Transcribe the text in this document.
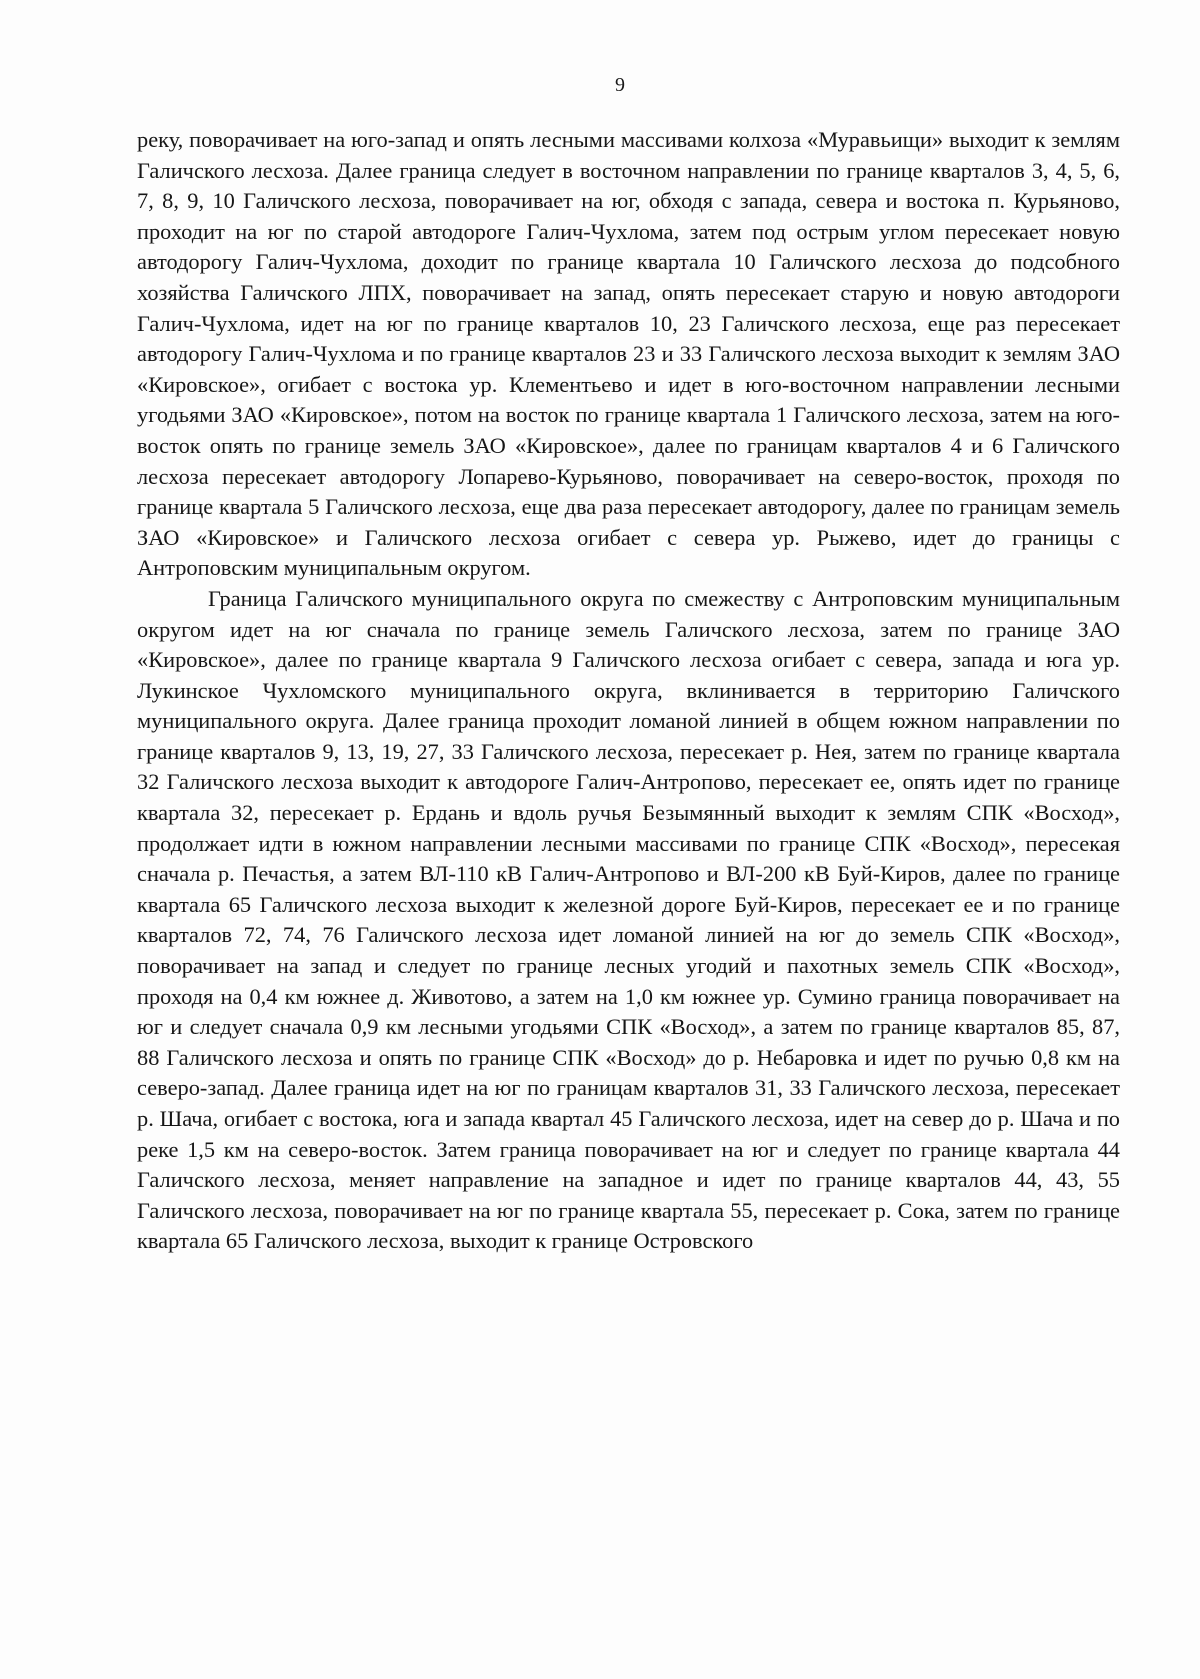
9

реку, поворачивает на юго-запад и опять лесными массивами колхоза «Муравьищи» выходит к землям Галичского лесхоза. Далее граница следует в восточном направлении по границе кварталов 3, 4, 5, 6, 7, 8, 9, 10 Галичского лесхоза, поворачивает на юг, обходя с запада, севера и востока п. Курьяново, проходит на юг по старой автодороге Галич-Чухлома, затем под острым углом пересекает новую автодорогу Галич-Чухлома, доходит по границе квартала 10 Галичского лесхоза до подсобного хозяйства Галичского ЛПХ, поворачивает на запад, опять пересекает старую и новую автодороги Галич-Чухлома, идет на юг по границе кварталов 10, 23 Галичского лесхоза, еще раз пересекает автодорогу Галич-Чухлома и по границе кварталов 23 и 33 Галичского лесхоза выходит к землям ЗАО «Кировское», огибает с востока ур. Клементьево и идет в юго-восточном направлении лесными угодьями ЗАО «Кировское», потом на восток по границе квартала 1 Галичского лесхоза, затем на юго-восток опять по границе земель ЗАО «Кировское», далее по границам кварталов 4 и 6 Галичского лесхоза пересекает автодорогу Лопарево-Курьяново, поворачивает на северо-восток, проходя по границе квартала 5 Галичского лесхоза, еще два раза пересекает автодорогу, далее по границам земель ЗАО «Кировское» и Галичского лесхоза огибает с севера ур. Рыжево, идет до границы с Антроповским муниципальным округом.

Граница Галичского муниципального округа по смежеству с Антроповским муниципальным округом идет на юг сначала по границе земель Галичского лесхоза, затем по границе ЗАО «Кировское», далее по границе квартала 9 Галичского лесхоза огибает с севера, запада и юга ур. Лукинское Чухломского муниципального округа, вклинивается в территорию Галичского муниципального округа. Далее граница проходит ломаной линией в общем южном направлении по границе кварталов 9, 13, 19, 27, 33 Галичского лесхоза, пересекает р. Нея, затем по границе квартала 32 Галичского лесхоза выходит к автодороге Галич-Антропово, пересекает ее, опять идет по границе квартала 32, пересекает р. Ердань и вдоль ручья Безымянный выходит к землям СПК «Восход», продолжает идти в южном направлении лесными массивами по границе СПК «Восход», пересекая сначала р. Печастья, а затем ВЛ-110 кВ Галич-Антропово и ВЛ-200 кВ Буй-Киров, далее по границе квартала 65 Галичского лесхоза выходит к железной дороге Буй-Киров, пересекает ее и по границе кварталов 72, 74, 76 Галичского лесхоза идет ломаной линией на юг до земель СПК «Восход», поворачивает на запад и следует по границе лесных угодий и пахотных земель СПК «Восход», проходя на 0,4 км южнее д. Животово, а затем на 1,0 км южнее ур. Сумино граница поворачивает на юг и следует сначала 0,9 км лесными угодьями СПК «Восход», а затем по границе кварталов 85, 87, 88 Галичского лесхоза и опять по границе СПК «Восход» до р. Небаровка и идет по ручью 0,8 км на северо-запад. Далее граница идет на юг по границам кварталов 31, 33 Галичского лесхоза, пересекает р. Шача, огибает с востока, юга и запада квартал 45 Галичского лесхоза, идет на север до р. Шача и по реке 1,5 км на северо-восток. Затем граница поворачивает на юг и следует по границе квартала 44 Галичского лесхоза, меняет направление на западное и идет по границе кварталов 44, 43, 55 Галичского лесхоза, поворачивает на юг по границе квартала 55, пересекает р. Сока, затем по границе квартала 65 Галичского лесхоза, выходит к границе Островского
